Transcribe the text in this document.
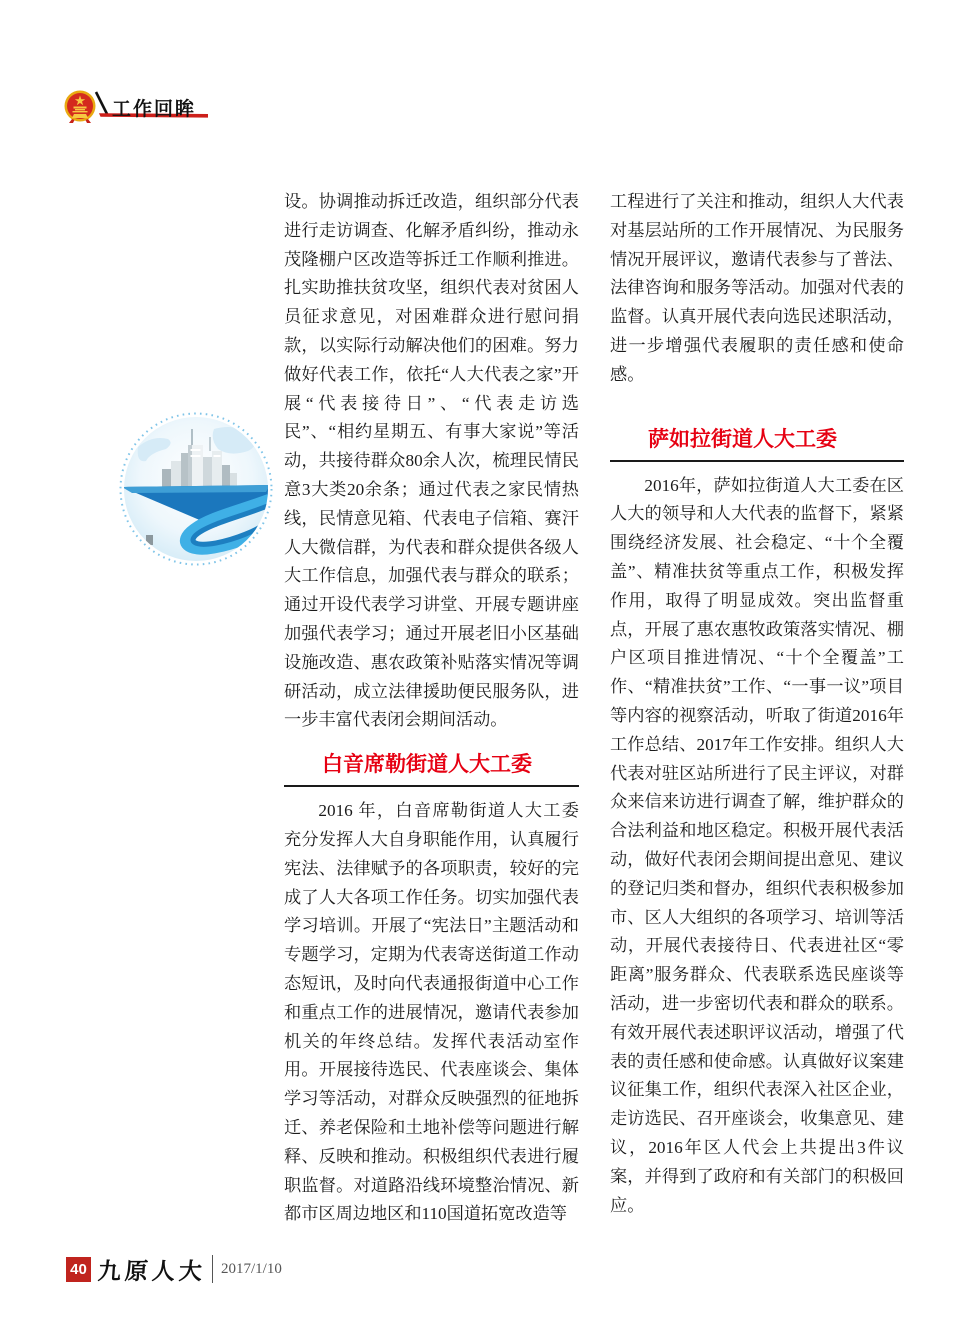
工作回眸

设。协调推动拆迁改造，组织部分代表进行走访调查、化解矛盾纠纷，推动永茂隆棚户区改造等拆迁工作顺利推进。扎实助推扶贫攻坚，组织代表对贫困人员征求意见，对困难群众进行慰问捐款，以实际行动解决他们的困难。努力做好代表工作，依托“人大代表之家”开展“代表接待日”、“代表走访选民”、“相约星期五、有事大家说”等活动，共接待群众80余人次，梳理民情民意3大类20余条；通过代表之家民情热线，民情意见箱、代表电子信箱、赛汗人大微信群，为代表和群众提供各级人大工作信息，加强代表与群众的联系；通过开设代表学习讲堂、开展专题讲座加强代表学习；通过开展老旧小区基础设施改造、惠农政策补贴落实情况等调研活动，成立法律援助便民服务队，进一步丰富代表闭会期间活动。

白音席勒街道人大工委

2016 年，白音席勒街道人大工委充分发挥人大自身职能作用，认真履行宪法、法律赋予的各项职责，较好的完成了人大各项工作任务。切实加强代表学习培训。开展了“宪法日”主题活动和专题学习，定期为代表寄送街道工作动态短讯，及时向代表通报街道中心工作和重点工作的进展情况，邀请代表参加机关的年终总结。发挥代表活动室作用。开展接待选民、代表座谈会、集体学习等活动，对群众反映强烈的征地拆迁、养老保险和土地补偿等问题进行解释、反映和推动。积极组织代表进行履职监督。对道路沿线环境整治情况、新都市区周边地区和110国道拓宽改造等

工程进行了关注和推动，组织人大代表对基层站所的工作开展情况、为民服务情况开展评议，邀请代表参与了普法、法律咨询和服务等活动。加强对代表的监督。认真开展代表向选民述职活动，进一步增强代表履职的责任感和使命感。

萨如拉街道人大工委

2016年，萨如拉街道人大工委在区人大的领导和人大代表的监督下，紧紧围绕经济发展、社会稳定、“十个全覆盖”、精准扶贫等重点工作，积极发挥作用，取得了明显成效。突出监督重点，开展了惠农惠牧政策落实情况、棚户区项目推进情况、“十个全覆盖”工作、“精准扶贫”工作、“一事一议”项目等内容的视察活动，听取了街道2016年工作总结、2017年工作安排。组织人大代表对驻区站所进行了民主评议，对群众来信来访进行调查了解，维护群众的合法利益和地区稳定。积极开展代表活动，做好代表闭会期间提出意见、建议的登记归类和督办，组织代表积极参加市、区人大组织的各项学习、培训等活动，开展代表接待日、代表进社区“零距离”服务群众、代表联系选民座谈等活动，进一步密切代表和群众的联系。有效开展代表述职评议活动，增强了代表的责任感和使命感。认真做好议案建议征集工作，组织代表深入社区企业，走访选民、召开座谈会，收集意见、建议，2016年区人代会上共提出3件议案，并得到了政府和有关部门的积极回应。

40 九原人大 2017/1/10
